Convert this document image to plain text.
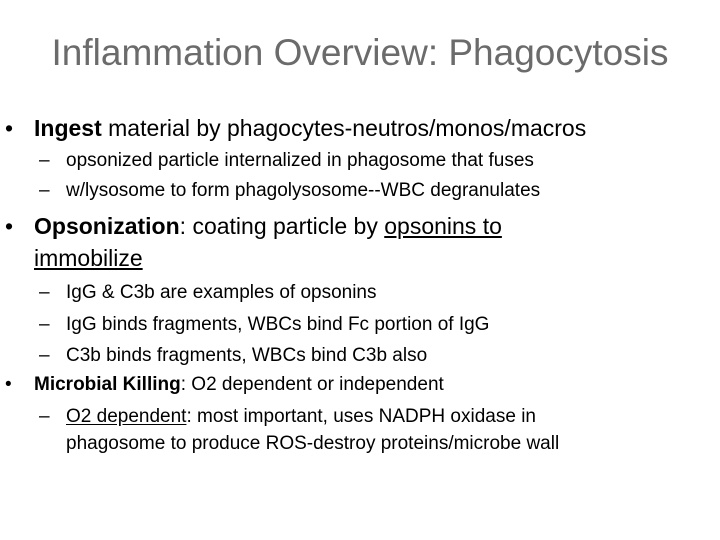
Inflammation Overview: Phagocytosis
• Ingest material by phagocytes-neutros/monos/macros
– opsonized particle internalized in phagosome that fuses
– w/lysosome to form phagolysosome--WBC degranulates
• Opsonization: coating particle by opsonins to
immobilize
– IgG & C3b are examples of opsonins
– IgG binds fragments, WBCs bind Fc portion of IgG
– C3b binds fragments, WBCs bind C3b also
• Microbial Killing: O2 dependent or independent
– O2 dependent: most important, uses NADPH oxidase in
phagosome to produce ROS-destroy proteins/microbe wall
